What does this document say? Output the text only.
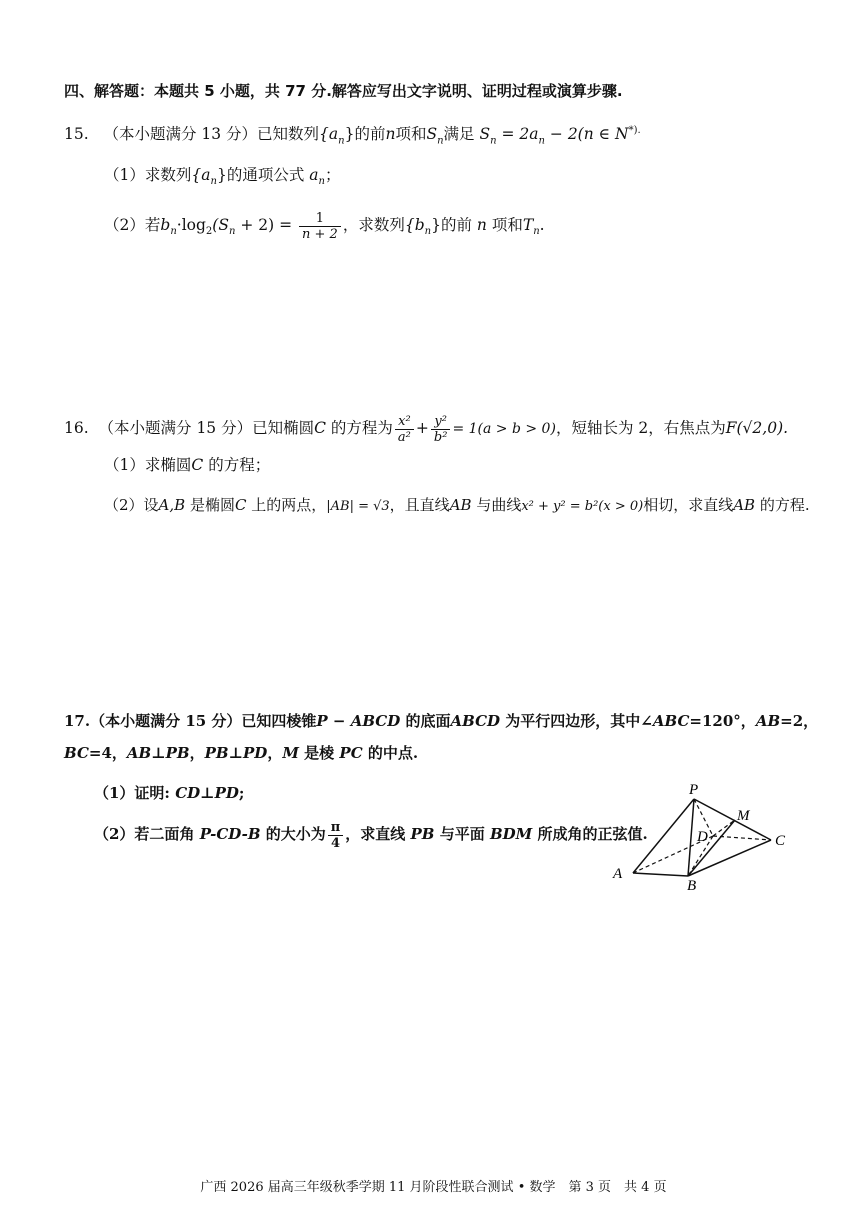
四、解答题：本题共 5 小题，共 77 分.解答应写出文字说明、证明过程或演算步骤.
15. （本小题满分 13 分）已知数列$\{a_n\}$的前n项和$S_n$满足 $S_n = 2a_n - 2(n$ ∈ N*).
（1）求数列$\{a_n\}$的通项公式 $a_n$；
（2）若$b_n\cdot\log_2(S_n + 2) = \frac{1}{n + 2}$ ，求数列$\{b_n\}$的前 n 项和$T_n$.
16. （本小题满分 15 分）已知椭圆C 的方程为 $\frac{\text{x²}}{\text{a²}} + \frac{\text{y²}}{\text{b²}} = 1(a > b > 0)$，短轴长为 2，右焦点为F(√2,0).
（1）求椭圆C 的方程；
（2）设A,B 是椭圆C 上的两点，|AB| = √3，且直线AB 与曲线x² + y² = b²(x > 0)相切，求直线AB 的方程.
17.（本小题满分 15 分）已知四棱锥P − ABCD 的底面ABCD 为平行四边形，其中∠ABC=120°，AB=2，
BC=4，AB⊥PB，PB⊥PD，M 是棱 PC 的中点.
（1）证明: CD⊥PD;
（2）若二面角 P-CD-B 的大小为 $\frac{\pi}{4}$ ，求直线 PB 与平面 BDM 所成角的正弦值.
P
M
D	C
A
B
广西 2026 届高三年级秋季学期 11 月阶段性联合测试 • 数学　第 3 页　共 4 页
